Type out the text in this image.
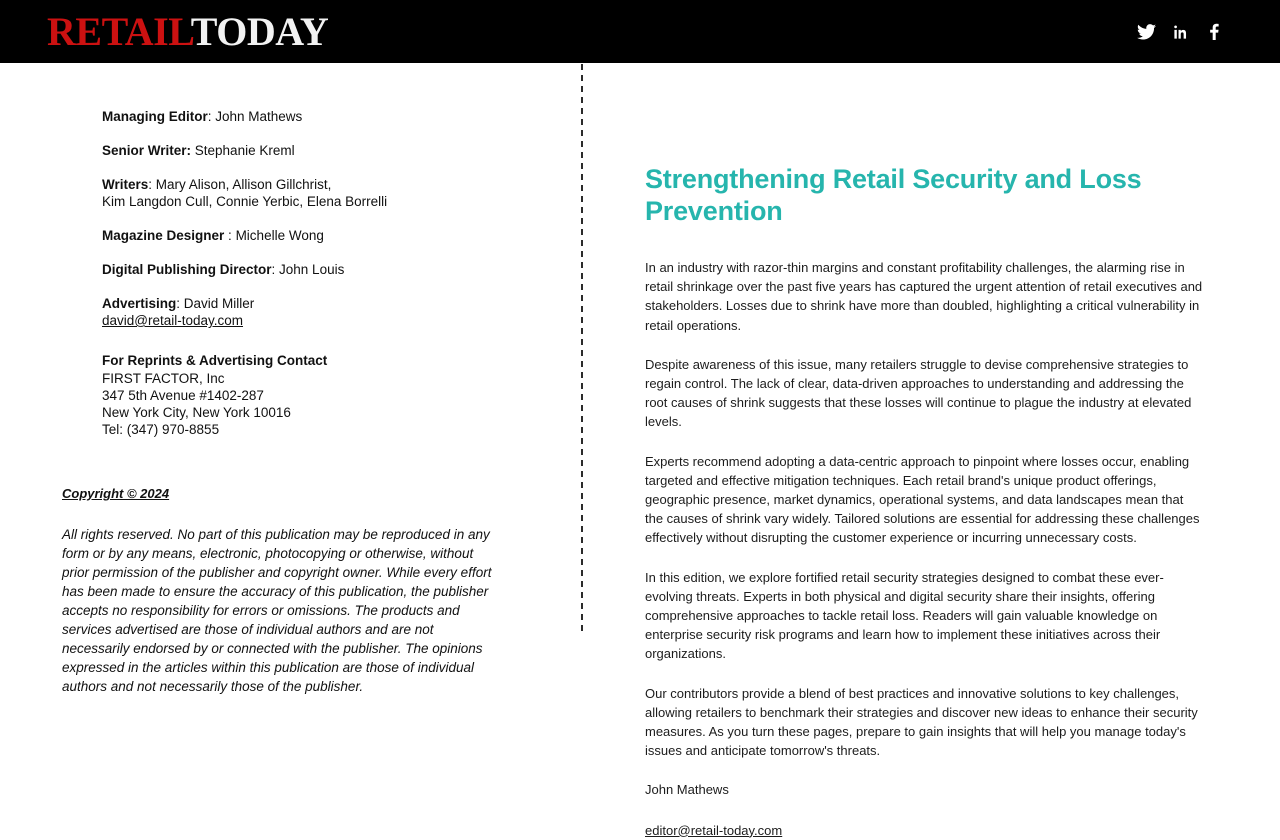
RETAILTODAY

Managing Editor: John Mathews

Senior Writer: Stephanie Kreml

Writers: Mary Alison, Allison Gillchrist,
Kim Langdon Cull, Connie Yerbic, Elena Borrelli

Magazine Designer : Michelle Wong

Digital Publishing Director: John Louis

Advertising: David Miller
david@retail-today.com

For Reprints & Advertising Contact
FIRST FACTOR, Inc
347 5th Avenue #1402-287
New York City, New York 10016
Tel: (347) 970-8855
Copyright © 2024
All rights reserved. No part of this publication may be reproduced in any form or by any means, electronic, photocopying or otherwise, without prior permission of the publisher and copyright owner. While every effort has been made to ensure the accuracy of this publication, the publisher accepts no responsibility for errors or omissions. The products and services advertised are those of individual authors and are not necessarily endorsed by or connected with the publisher. The opinions expressed in the articles within this publication are those of individual authors and not necessarily those of the publisher.
Strengthening Retail Security and Loss Prevention

In an industry with razor-thin margins and constant profitability challenges, the alarming rise in retail shrinkage over the past five years has captured the urgent attention of retail executives and stakeholders. Losses due to shrink have more than doubled, highlighting a critical vulnerability in retail operations.

Despite awareness of this issue, many retailers struggle to devise comprehensive strategies to regain control. The lack of clear, data-driven approaches to understanding and addressing the root causes of shrink suggests that these losses will continue to plague the industry at elevated levels.

Experts recommend adopting a data-centric approach to pinpoint where losses occur, enabling targeted and effective mitigation techniques. Each retail brand's unique product offerings, geographic presence, market dynamics, operational systems, and data landscapes mean that the causes of shrink vary widely. Tailored solutions are essential for addressing these challenges effectively without disrupting the customer experience or incurring unnecessary costs.

In this edition, we explore fortified retail security strategies designed to combat these ever-evolving threats. Experts in both physical and digital security share their insights, offering comprehensive approaches to tackle retail loss. Readers will gain valuable knowledge on enterprise security risk programs and learn how to implement these initiatives across their organizations.

Our contributors provide a blend of best practices and innovative solutions to key challenges, allowing retailers to benchmark their strategies and discover new ideas to enhance their security measures. As you turn these pages, prepare to gain insights that will help you manage today's issues and anticipate tomorrow's threats.

John Mathews

editor@retail-today.com
